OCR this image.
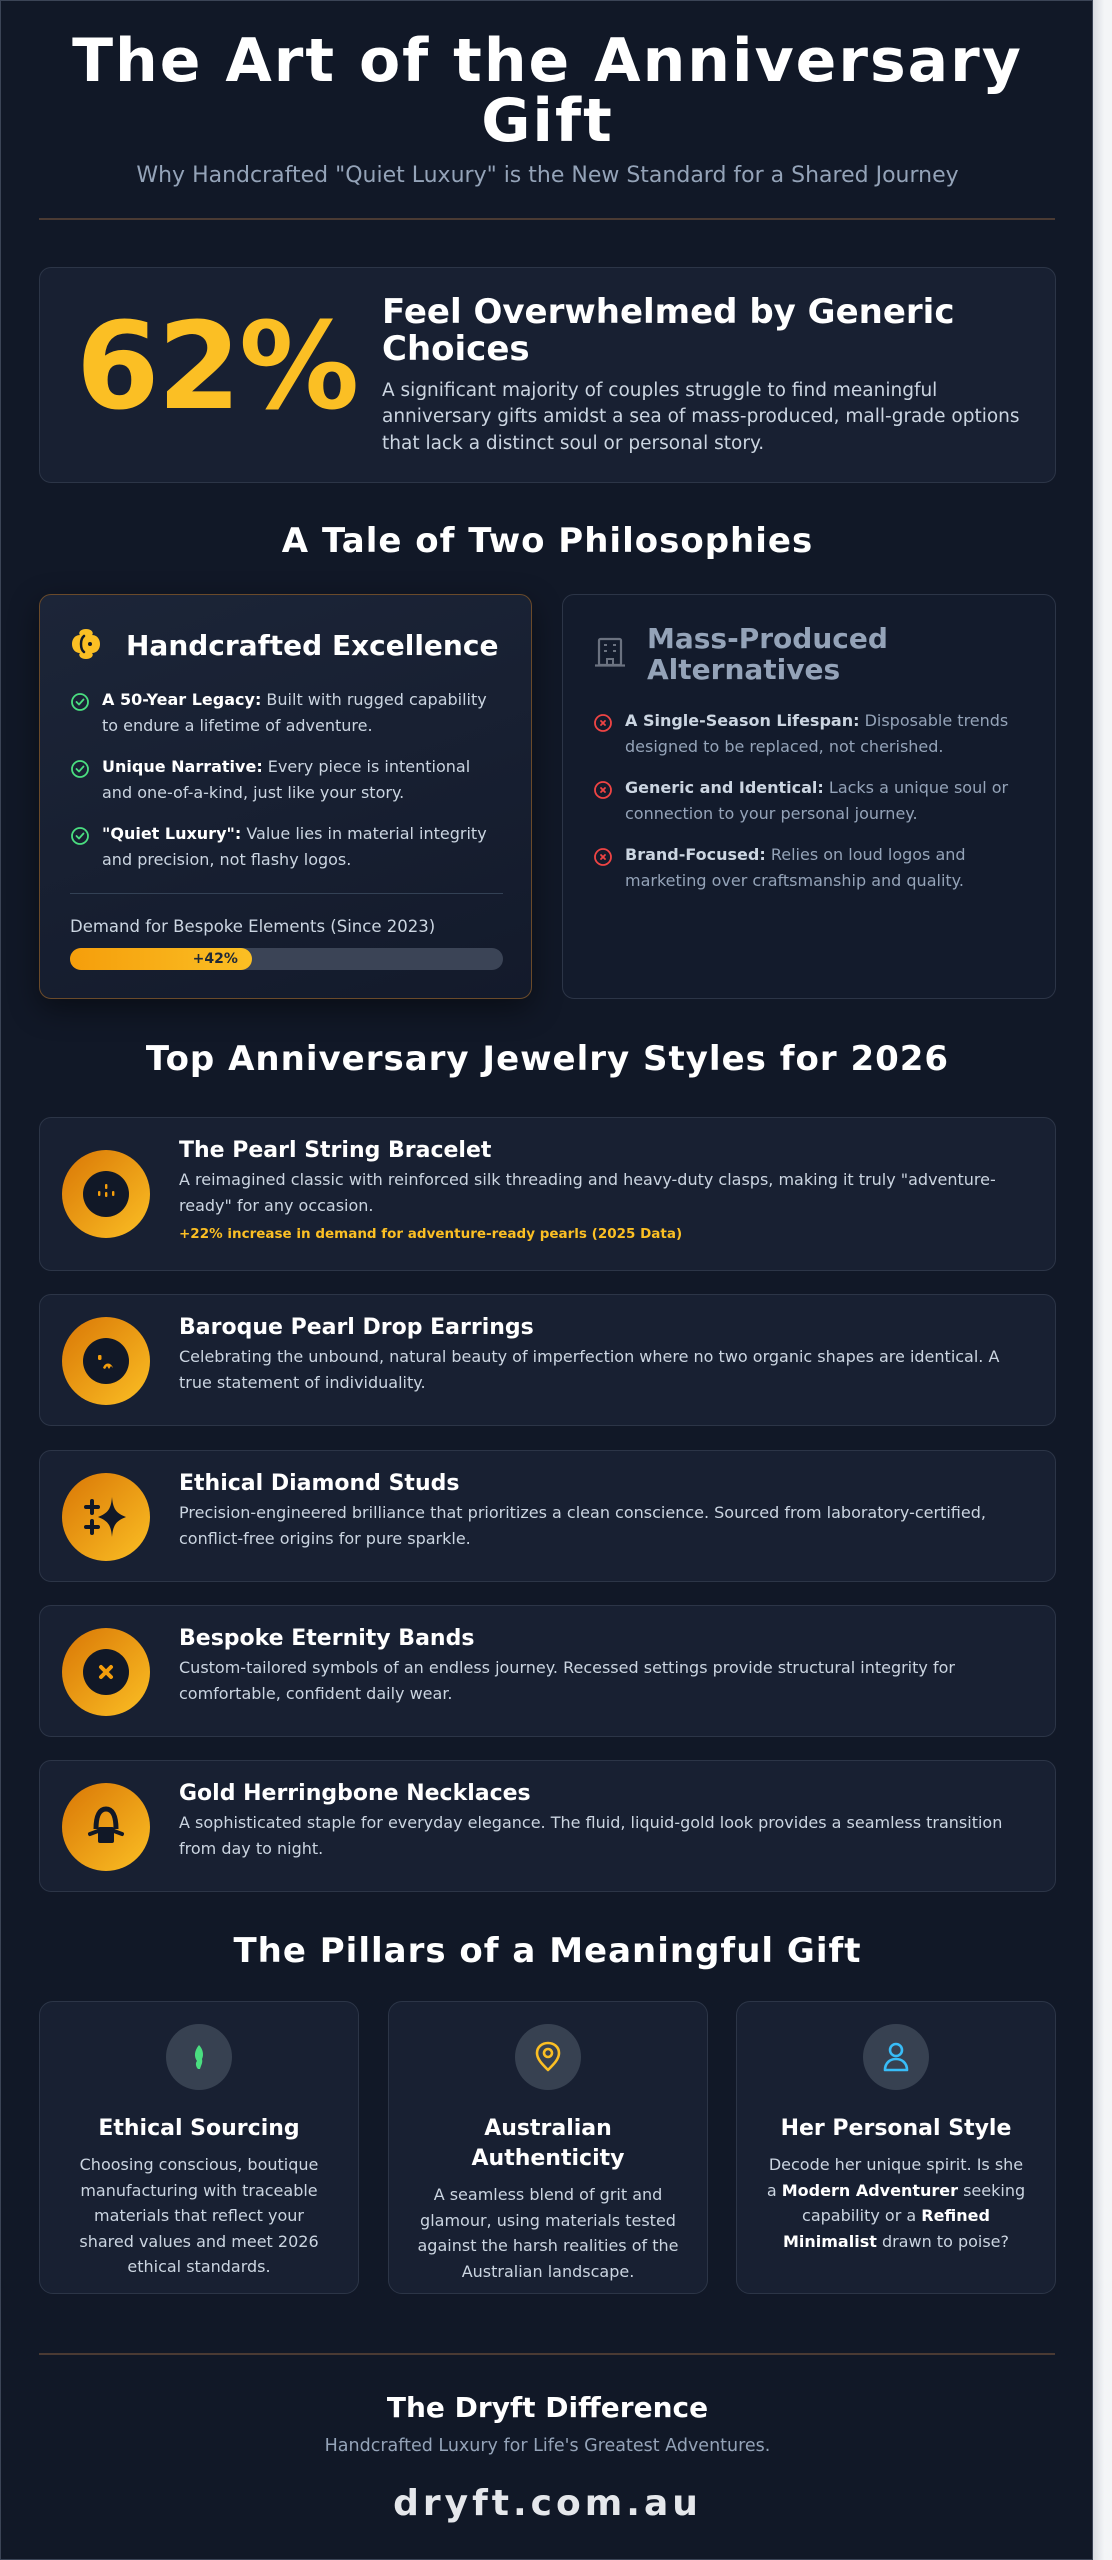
The Art of the Anniversary Gift

Why Handcrafted "Quiet Luxury" is the New Standard for a Shared Journey

62% Feel Overwhelmed by Generic Choices
A significant majority of couples struggle to find meaningful anniversary gifts amidst a sea of mass-produced, mall-grade options that lack a distinct soul or personal story.
A Tale of Two Philosophies
Handcrafted Excellence
A 50-Year Legacy: Built with rugged capability to endure a lifetime of adventure.
Unique Narrative: Every piece is intentional and one-of-a-kind, just like your story.
"Quiet Luxury": Value lies in material integrity and precision, not flashy logos.
Demand for Bespoke Elements (Since 2023)
+42%
Mass-Produced Alternatives
A Single-Season Lifespan: Disposable trends designed to be replaced, not cherished.
Generic and Identical: Lacks a unique soul or connection to your personal journey.
Brand-Focused: Relies on loud logos and marketing over craftsmanship and quality.
Top Anniversary Jewelry Styles for 2026
The Pearl String Bracelet
A reimagined classic with reinforced silk threading and heavy-duty clasps, making it truly "adventure-ready" for any occasion.
+22% increase in demand for adventure-ready pearls (2025 Data)
Baroque Pearl Drop Earrings
Celebrating the unbound, natural beauty of imperfection where no two organic shapes are identical. A true statement of individuality.
Ethical Diamond Studs
Precision-engineered brilliance that prioritizes a clean conscience. Sourced from laboratory-certified, conflict-free origins for pure sparkle.
Bespoke Eternity Bands
Custom-tailored symbols of an endless journey. Recessed settings provide structural integrity for comfortable, confident daily wear.
Gold Herringbone Necklaces
A sophisticated staple for everyday elegance. The fluid, liquid-gold look provides a seamless transition from day to night.
The Pillars of a Meaningful Gift
Ethical Sourcing
Choosing conscious, boutique manufacturing with traceable materials that reflect your shared values and meet 2026 ethical standards.
Australian Authenticity
A seamless blend of grit and glamour, using materials tested against the harsh realities of the Australian landscape.
Her Personal Style
Decode her unique spirit. Is she a Modern Adventurer seeking capability or a Refined Minimalist drawn to poise?
The Dryft Difference
Handcrafted Luxury for Life's Greatest Adventures.
dryft.com.au
